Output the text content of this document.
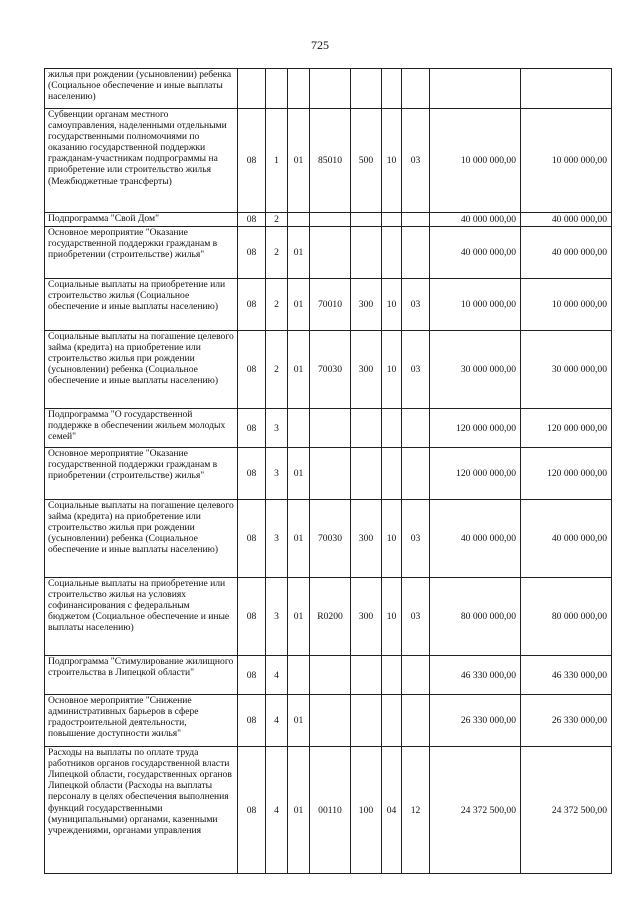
725
жилья при рождении (усыновлении) ребенка (Социальное обеспечение и иные выплаты населению)									
Субвенции органам местного самоуправления, наделенными отдельными государственными полномочиями по оказанию государственной поддержки гражданам-участникам подпрограммы на приобретение или строительство жилья (Межбюджетные трансферты)	08	1	01	85010	500	10	03	10 000 000,00	10 000 000,00
Подпрограмма "Свой Дом"	08	2						40 000 000,00	40 000 000,00
Основное мероприятие "Оказание государственной поддержки гражданам в приобретении (строительстве) жилья"	08	2	01					40 000 000,00	40 000 000,00
Социальные выплаты на приобретение или строительство жилья (Социальное обеспечение и иные выплаты населению)	08	2	01	70010	300	10	03	10 000 000,00	10 000 000,00
Социальные выплаты на погашение целевого займа (кредита) на приобретение или строительство жилья при рождении (усыновлении) ребенка (Социальное обеспечение и иные выплаты населению)	08	2	01	70030	300	10	03	30 000 000,00	30 000 000,00
Подпрограмма "О государственной поддержке в обеспечении жильем молодых семей"	08	3						120 000 000,00	120 000 000,00
Основное мероприятие "Оказание государственной поддержки гражданам в приобретении (строительстве) жилья"	08	3	01					120 000 000,00	120 000 000,00
Социальные выплаты на погашение целевого займа (кредита) на приобретение или строительство жилья при рождении (усыновлении) ребенка (Социальное обеспечение и иные выплаты населению)	08	3	01	70030	300	10	03	40 000 000,00	40 000 000,00
Социальные выплаты на приобретение или строительство жилья на условиях софинансирования с федеральным бюджетом (Социальное обеспечение и иные выплаты населению)	08	3	01	R0200	300	10	03	80 000 000,00	80 000 000,00
Подпрограмма "Стимулирование жилищного строительства в Липецкой области"	08	4						46 330 000,00	46 330 000,00
Основное мероприятие "Снижение административных барьеров в сфере градостроительной деятельности, повышение доступности жилья"	08	4	01					26 330 000,00	26 330 000,00
Расходы на выплаты по оплате труда работников органов государственной власти Липецкой области, государственных органов Липецкой области (Расходы на выплаты персоналу в целях обеспечения выполнения функций государственными (муниципальными) органами, казенными учреждениями, органами управления	08	4	01	00110	100	04	12	24 372 500,00	24 372 500,00
